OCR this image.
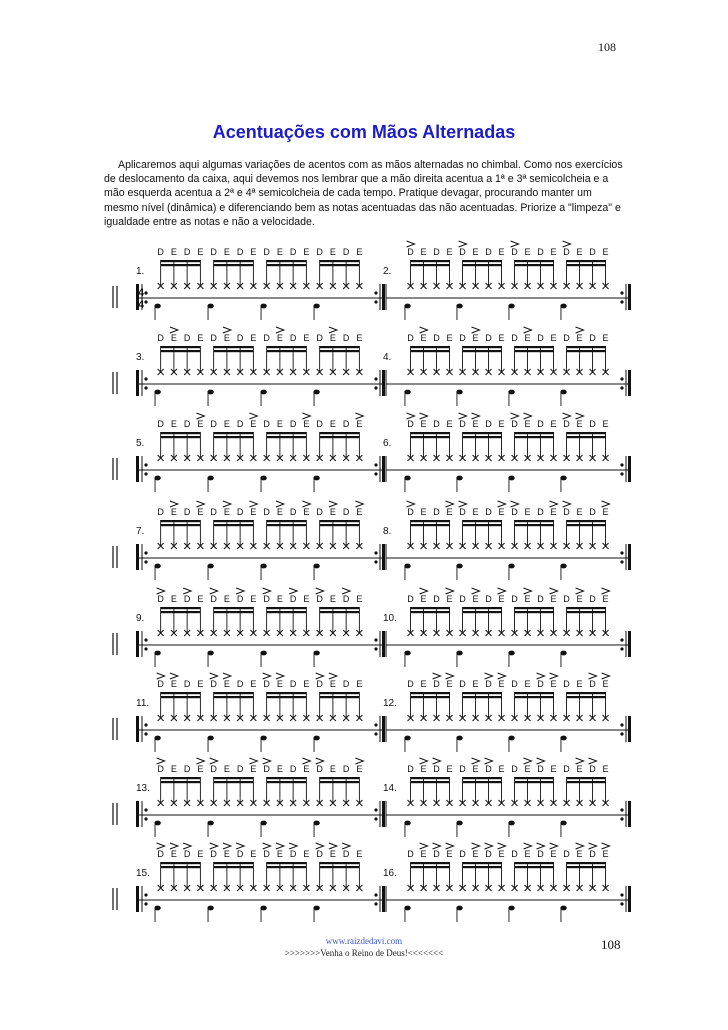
108
Acentuações com Mãos Alternadas

Aplicaremos aqui algumas variações de acentos com as mãos alternadas no chimbal. Como nos exercícios de deslocamento da caixa, aqui devemos nos lembrar que a mão direita acentua a 1ª e 3ª semicolcheia e a mão esquerda acentua a 2ª e 4ª semicolcheia de cada tempo. Pratique devagar, procurando manter um mesmo nível (dinâmica) e diferenciando bem as notas acentuadas das não acentuadas. Priorize a "limpeza" e igualdade entre as notas e não a velocidade.

1.
4
4
D E D E D E D E D E D E D E D E
2.
D E D E D E D E D E D E D E D E
3.
D E D E D E D E D E D E D E D E
4.
D E D E D E D E D E D E D E D E
5.
D E D E D E D E D E D E D E D E
6.
D E D E D E D E D E D E D E D E
7.
D E D E D E D E D E D E D E D E
8.
D E D E D E D E D E D E D E D E
9.
D E D E D E D E D E D E D E D E
10.
D E D E D E D E D E D E D E D E
11.
D E D E D E D E D E D E D E D E
12.
D E D E D E D E D E D E D E D E
13.
D E D E D E D E D E D E D E D E
14.
D E D E D E D E D E D E D E D E
15.
D E D E D E D E D E D E D E D E
16.
D E D E D E D E D E D E D E D E
www.raizdedavi.com
>>>>>>>Venha o Reino de Deus!<<<<<<<
108
